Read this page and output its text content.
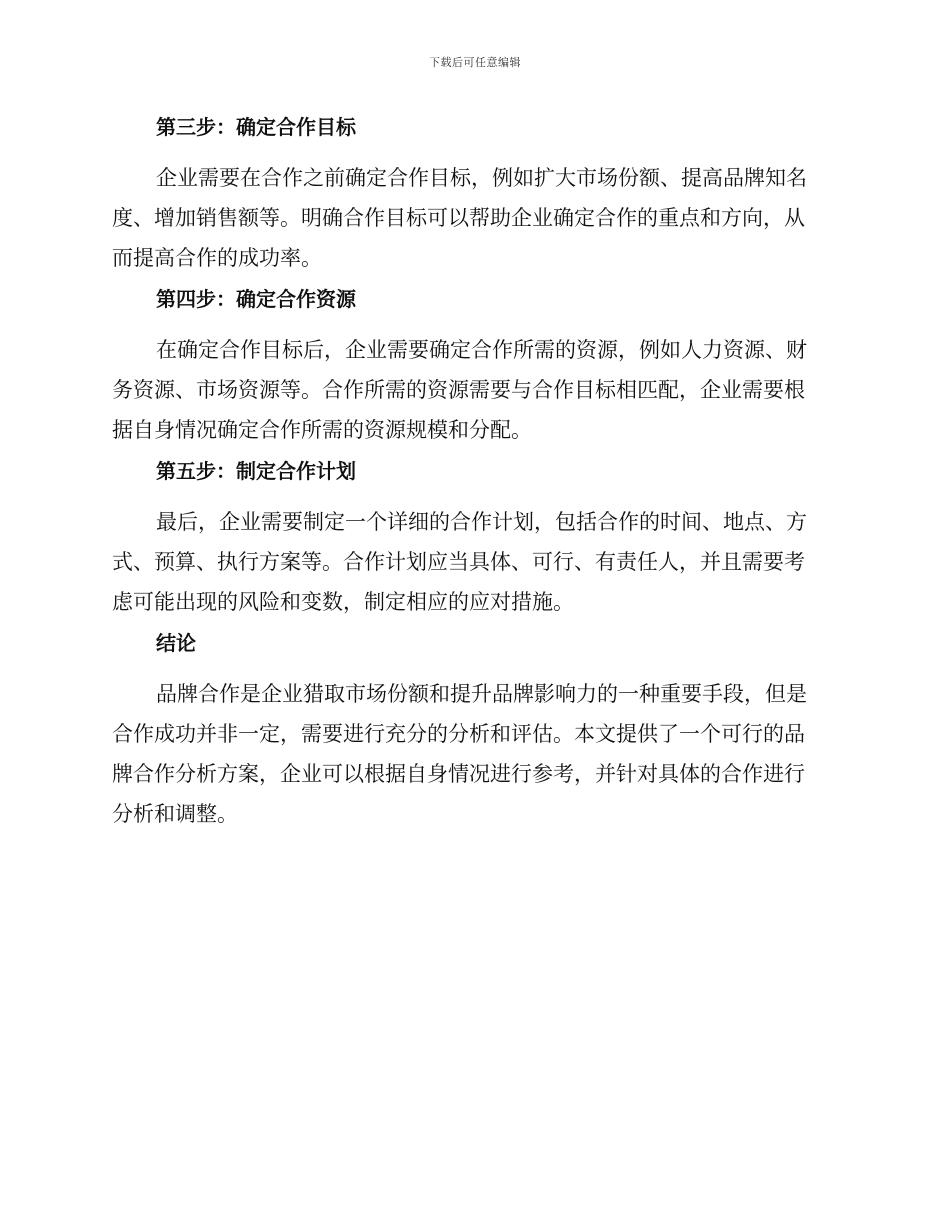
下载后可任意编辑
第三步：确定合作目标
企业需要在合作之前确定合作目标，例如扩大市场份额、提高品牌知名
度、增加销售额等。明确合作目标可以帮助企业确定合作的重点和方向，从
而提高合作的成功率。
第四步：确定合作资源
在确定合作目标后，企业需要确定合作所需的资源，例如人力资源、财
务资源、市场资源等。合作所需的资源需要与合作目标相匹配，企业需要根
据自身情况确定合作所需的资源规模和分配。
第五步：制定合作计划
最后，企业需要制定一个详细的合作计划，包括合作的时间、地点、方
式、预算、执行方案等。合作计划应当具体、可行、有责任人，并且需要考
虑可能出现的风险和变数，制定相应的应对措施。
结论
品牌合作是企业猎取市场份额和提升品牌影响力的一种重要手段，但是
合作成功并非一定，需要进行充分的分析和评估。本文提供了一个可行的品
牌合作分析方案，企业可以根据自身情况进行参考，并针对具体的合作进行
分析和调整。
